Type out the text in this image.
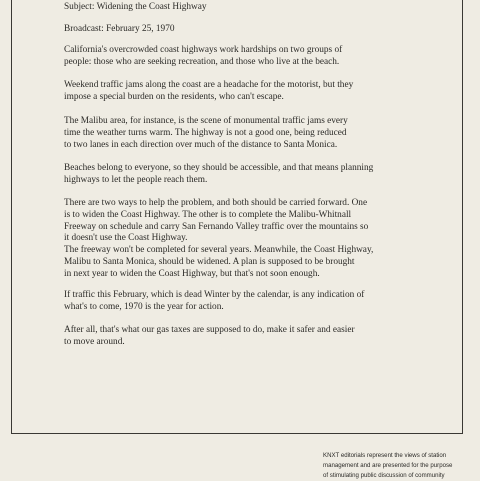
Subject: Widening the Coast Highway

Broadcast: February 25, 1970

California's overcrowded coast highways work hardships on two groups of
people: those who are seeking recreation, and those who live at the beach.
Weekend traffic jams along the coast are a headache for the motorist, but they
impose a special burden on the residents, who can't escape.
The Malibu area, for instance, is the scene of monumental traffic jams every
time the weather turns warm. The highway is not a good one, being reduced
to two lanes in each direction over much of the distance to Santa Monica.
Beaches belong to everyone, so they should be accessible, and that means planning
highways to let the people reach them.
There are two ways to help the problem, and both should be carried forward. One
is to widen the Coast Highway. The other is to complete the Malibu-Whitnall
Freeway on schedule and carry San Fernando Valley traffic over the mountains so
it doesn't use the Coast Highway.
The freeway won't be completed for several years. Meanwhile, the Coast Highway,
Malibu to Santa Monica, should be widened. A plan is supposed to be brought
in next year to widen the Coast Highway, but that's not soon enough.
If traffic this February, which is dead Winter by the calendar, is any indication of
what's to come, 1970 is the year for action.
After all, that's what our gas taxes are supposed to do, make it safer and easier
to move around.
KNXT editorials represent the views of station
management and are presented for the purpose
of stimulating public discussion of community
